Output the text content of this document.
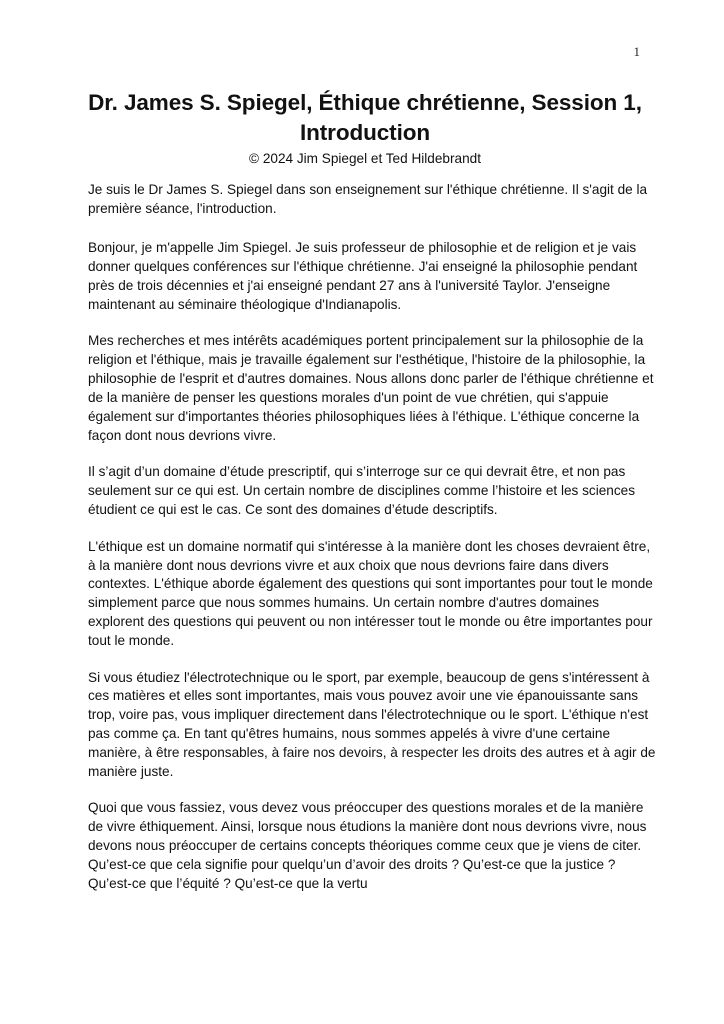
1
Dr. James S. Spiegel, Éthique chrétienne, Session 1, Introduction
© 2024 Jim Spiegel et Ted Hildebrandt

Je suis le Dr James S. Spiegel dans son enseignement sur l'éthique chrétienne. Il s'agit de la première séance, l'introduction.

Bonjour, je m'appelle Jim Spiegel. Je suis professeur de philosophie et de religion et je vais donner quelques conférences sur l'éthique chrétienne. J'ai enseigné la philosophie pendant près de trois décennies et j'ai enseigné pendant 27 ans à l'université Taylor. J'enseigne maintenant au séminaire théologique d'Indianapolis.

Mes recherches et mes intérêts académiques portent principalement sur la philosophie de la religion et l'éthique, mais je travaille également sur l'esthétique, l'histoire de la philosophie, la philosophie de l'esprit et d'autres domaines. Nous allons donc parler de l'éthique chrétienne et de la manière de penser les questions morales d'un point de vue chrétien, qui s'appuie également sur d'importantes théories philosophiques liées à l'éthique. L'éthique concerne la façon dont nous devrions vivre.

Il s’agit d’un domaine d’étude prescriptif, qui s’interroge sur ce qui devrait être, et non pas seulement sur ce qui est. Un certain nombre de disciplines comme l’histoire et les sciences étudient ce qui est le cas. Ce sont des domaines d’étude descriptifs.

L'éthique est un domaine normatif qui s'intéresse à la manière dont les choses devraient être, à la manière dont nous devrions vivre et aux choix que nous devrions faire dans divers contextes. L'éthique aborde également des questions qui sont importantes pour tout le monde simplement parce que nous sommes humains. Un certain nombre d'autres domaines explorent des questions qui peuvent ou non intéresser tout le monde ou être importantes pour tout le monde.

Si vous étudiez l'électrotechnique ou le sport, par exemple, beaucoup de gens s'intéressent à ces matières et elles sont importantes, mais vous pouvez avoir une vie épanouissante sans trop, voire pas, vous impliquer directement dans l'électrotechnique ou le sport. L'éthique n'est pas comme ça. En tant qu'êtres humains, nous sommes appelés à vivre d'une certaine manière, à être responsables, à faire nos devoirs, à respecter les droits des autres et à agir de manière juste.

Quoi que vous fassiez, vous devez vous préoccuper des questions morales et de la manière de vivre éthiquement. Ainsi, lorsque nous étudions la manière dont nous devrions vivre, nous devons nous préoccuper de certains concepts théoriques comme ceux que je viens de citer. Qu’est-ce que cela signifie pour quelqu’un d’avoir des droits ? Qu’est-ce que la justice ? Qu’est-ce que l’équité ? Qu’est-ce que la vertu
